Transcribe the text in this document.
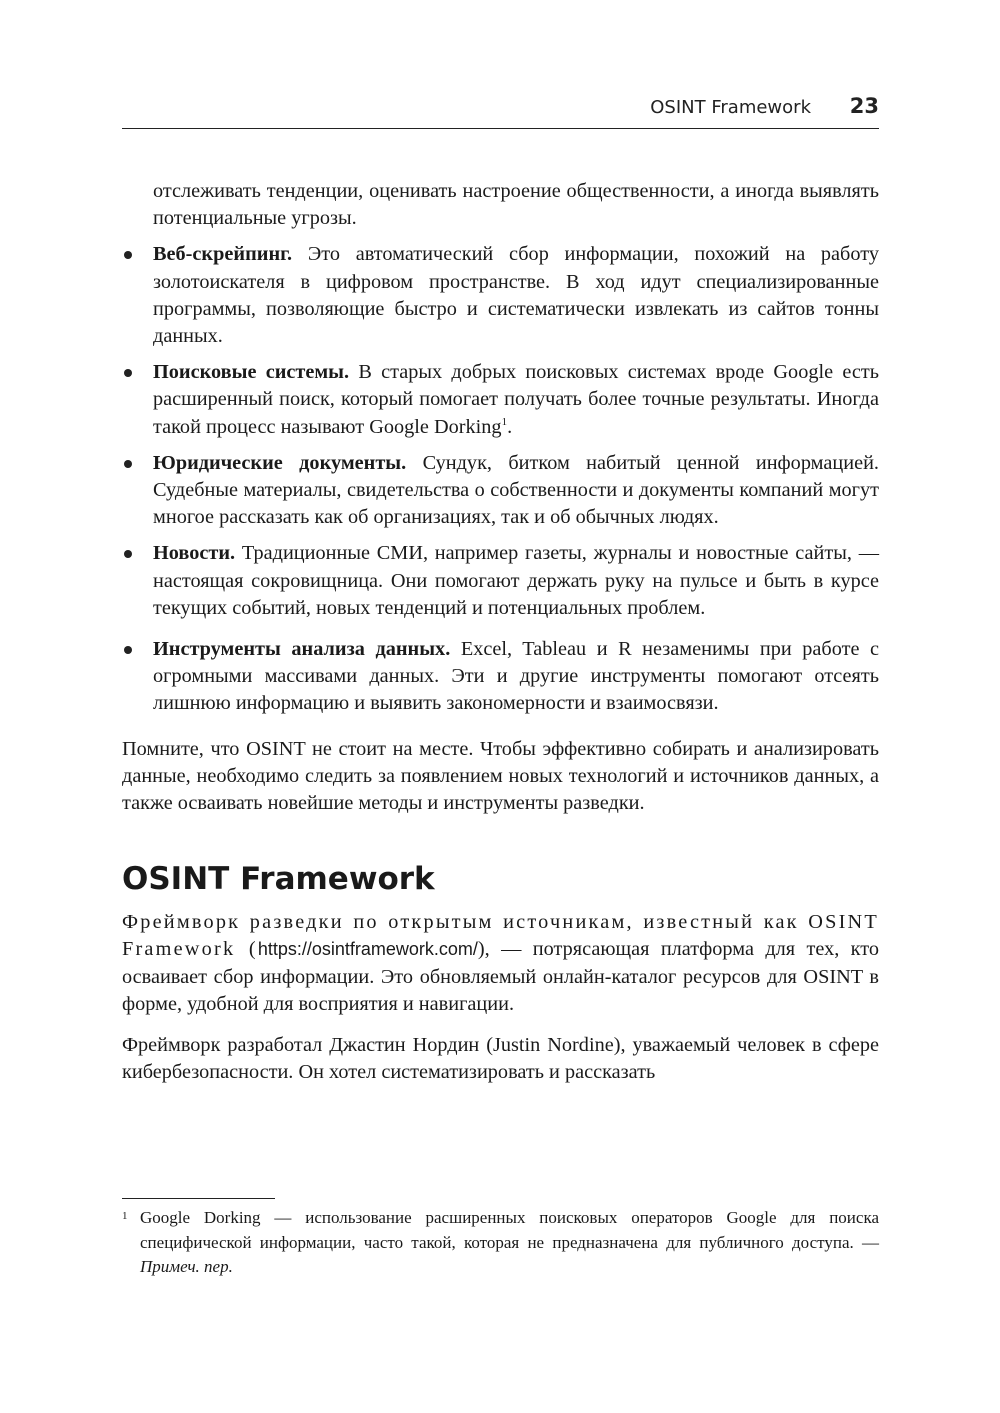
OSINT Framework 23

отслеживать тенденции, оценивать настроение общественности, а иногда выявлять потенциальные угрозы.

Веб-скрейпинг. Это автоматический сбор информации, похожий на работу золотоискателя в цифровом пространстве. В ход идут специализированные программы, позволяющие быстро и систематически извлекать из сайтов тонны данных.
Поисковые системы. В старых добрых поисковых системах вроде Google есть расширенный поиск, который помогает получать более точные результаты. Иногда такой процесс называют Google Dorking$^1$.
Юридические документы. Сундук, битком набитый ценной информацией. Судебные материалы, свидетельства о собственности и документы компаний могут многое рассказать как об организациях, так и об обычных людях.
Новости. Традиционные СМИ, например газеты, журналы и новостные сайты, — настоящая сокровищница. Они помогают держать руку на пульсе и быть в курсе текущих событий, новых тенденций и потенциальных проблем.
Инструменты анализа данных. Excel, Tableau и R незаменимы при работе с огромными массивами данных. Эти и другие инструменты помогают отсеять лишнюю информацию и выявить закономерности и взаимосвязи.

Помните, что OSINT не стоит на месте. Чтобы эффективно собирать и анализировать данные, необходимо следить за появлением новых технологий и источников данных, а также осваивать новейшие методы и инструменты разведки.

OSINT Framework

Фреймворк разведки по открытым источникам, известный как OSINT Framework (https://osintframework.com/), — потрясающая платформа для тех, кто осваивает сбор информации. Это обновляемый онлайн-каталог ресурсов для OSINT в форме, удобной для восприятия и навигации.

Фреймворк разработал Джастин Нордин (Justin Nordine), уважаемый человек в сфере кибербезопасности. Он хотел систематизировать и рассказать

1 Google Dorking — использование расширенных поисковых операторов Google для поиска специфической информации, часто такой, которая не предназначена для публичного доступа. — Примеч. пер.
